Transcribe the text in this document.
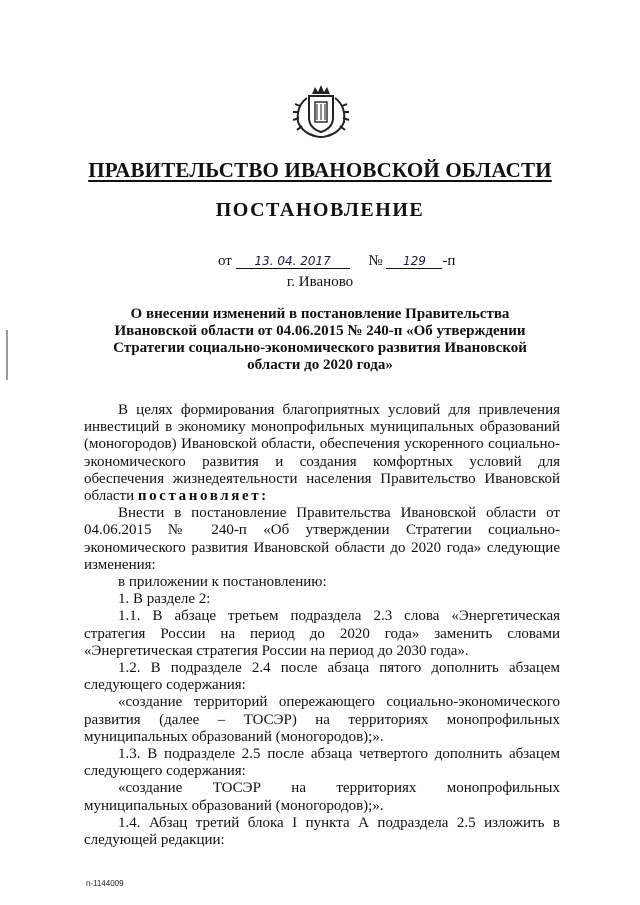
ПРАВИТЕЛЬСТВО ИВАНОВСКОЙ ОБЛАСТИ
ПОСТАНОВЛЕНИЕ
от 13. 04. 2017	№ 129 -п
г. Иваново
О внесении изменений в постановление Правительства Ивановской области от 04.06.2015 № 240-п «Об утверждении Стратегии социально-экономического развития Ивановской области до 2020 года»

В целях формирования благоприятных условий для привлечения инвестиций в экономику монопрофильных муниципальных образований (моногородов) Ивановской области, обеспечения ускоренного социально-экономического развития и создания комфортных условий для обеспечения жизнедеятельности населения Правительство Ивановской области постановляет:

Внести в постановление Правительства Ивановской области от 04.06.2015 № 240-п «Об утверждении Стратегии социально-экономического развития Ивановской области до 2020 года» следующие изменения:

в приложении к постановлению:

1. В разделе 2:

1.1. В абзаце третьем подраздела 2.3 слова «Энергетическая стратегия России на период до 2020 года» заменить словами «Энергетическая стратегия России на период до 2030 года».

1.2. В подразделе 2.4 после абзаца пятого дополнить абзацем следующего содержания:

«создание территорий опережающего социально-экономического развития (далее – ТОСЭР) на территориях монопрофильных муниципальных образований (моногородов);».

1.3. В подразделе 2.5 после абзаца четвертого дополнить абзацем следующего содержания:

«создание ТОСЭР на территориях монопрофильных муниципальных образований (моногородов);».

1.4. Абзац третий блока I пункта А подраздела 2.5 изложить в следующей редакции:

п-1144009
